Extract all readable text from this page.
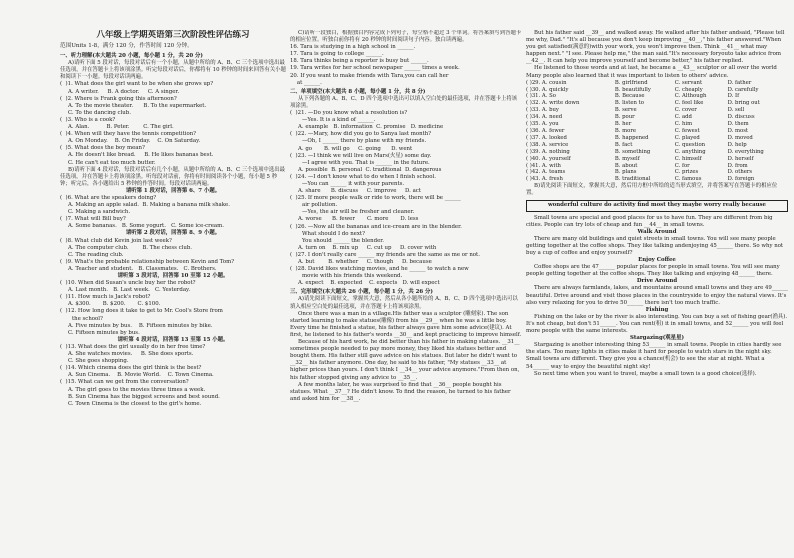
八年级上学期英语第三次阶段性评估练习
范围Units 1-8，满分 120 分，作答时间 120 分钟。
一、听力理解(本大题共 20 小题，每小题 1 分，共 20 分)
A)请听下面 5 段对话，每段对话后有一个小题，从题中所给的 A、B、C 三个选项中选出最佳选项，并在答题卡上将该项涂黑。听完每段对话后，你都将有 10 秒钟的时间来回答有关小题和阅读下一小题。每段对话读两遍。
(  )1. What does the girl want to be when she grows up?
A. A writer.     B. A doctor.     C. A singer.
(  )2. Where is Frank going this afternoon?
A. To the movie theater.      B. To the supermarket.
C. To the dancing club.
(  )3. Who is a cook?
A. Alan.          B. Peter.        C. The girl.
(  )4. When will they have the tennis competition?
A. On Monday.    B. On Friday.    C. On Saturday.
(  )5. What does the boy mean?
A. He doesn't like bread.     B. He likes bananas best.
C. He can't eat too much butter.
B)请听下面 4 段对话，每段对话后有几个小题，从题中所给的 A、B、C 三个选项中选出最佳选项，并在答题卡上将该项涂黑。听每段对话前，你将有时间阅读各个小题，每小题 5 秒钟；听完后，各小题给出 5 秒钟的作答时间。每段对话读两遍。
请听第 1 段对话，回答第 6、7 小题。
(  )6. What are the speakers doing?
A. Making an apple salad.  B. Making a banana milk shake.
C. Making a sandwich.
(  )7. What will Bill buy?
A. Some bananas.   B. Some yogurt.   C. Some ice-cream.
请听第 2 段对话，回答第 8、9 小题。
(  )8. What club did Kevin join last week?
A. The computer club.        B. The chess club.
C. The reading club.
(  )9. What's the probable relationship between Kevin and Tom?
A. Teacher and student.   B. Classmates.   C. Brothers.
请听第 3 段对话，回答第 10 至第 12 小题。
(  )10. When did Susan's uncle buy her the robot?
A. Last month.   B. Last week.   C. Yesterday.
(  )11. How much is Jack's robot?
A. $300.       B. $200.       C. $100.
(  )12. How long does it take to get to Mr. Cool's Store from
the school?
A. Five minutes by bus.    B. Fifteen minutes by bike.
C. Fifteen minutes by bus.
请听第 4 段对话，回答第 13 至第 15 小题。
(  )13. What does the girl usually do in her free time?
A. She watches movies.     B. She does sports.
C. She goes shopping.
(  )14. Which cinema does the girl think is the best?
A. Sun Cinema.    B. Movie World.    C. Town Cinema.
(  )15. What can we get from the conversation?
A. The girl goes to the movies three times a week.
B. Sun Cinema has the biggest screens and best sound.
C. Town Cinema is the closest to the girl's home.
C)请听一段独白，根据独白内容完成下列句子，每空格不超过 3 个单词。将答案填写到答题卡的相应位置。听独白前你将有 20 秒钟的时间阅读句子内容。独白读两遍。
16. Tara is studying in a high school in ______.
17. Tara is going to college ______.
18. Tara thinks being a reporter is busy but ______.
19. Tara writes for her school newspaper ______ times a week.
20. If you want to make friends with Tara,you can call her
at ______.
二、单项填空(本大题共 8 小题，每小题 1 分，共 8 分)
从下列各题的 A、B、C、D 四个选项中选出可以填入空白处的最佳选项，并在答题卡上将该项涂黑。
(  )21. —Do you know what a resolution is?
—Yes. It is a kind of ______.
A. example   B. information  C. promise   D. medicine
(  )22. —Mary, how did you go to Sanya last month?
—Oh, I ______ there by plane with my friends.
A. go       B. will go     C. going      D. went
(  )23. —I think we will live on Mars(火星) some day.
—I agree with you. That is ______ in the future.
A. possible  B. personal  C. traditional  D. dangerous
(  )24. —I don't know what to do when I finish school.
—You can ______ it with your parents.
A. share      B. discuss     C. improve     D. act
(  )25. If more people walk or ride to work, there will be ______
air pollution.
—Yes, the air will be fresher and cleaner.
A. worse      B. fewer       C. more       D. less
(  )26. —Now all the bananas and ice-cream are in the blender.
What should I do next?
You should ______ the blender.
A. turn on    B. mix up     C. cut up     D. cover with
(  )27. I don't really care ______ my friends are the same as me or not.
A. but        B. whether     C. though     D. because
(  )28. David likes watching movies, and he ______ to watch a new
movie with his friends this weekend.
A. expect    B. expected    C. expects   D. will expect
三、完形填空(本大题共 26 小题，每小题 1 分，共 26 分)
A)请先阅读下面短文，掌握其大意，然后从各小题所给的 A、B、C、D 四个选项中选出可以填入相应空白处的最佳选项，并在答题卡上将该项涂黑。
Once there was a man in a village.His father was a sculptor (雕刻家). The son started learning to make statues(雕像) from his __29__ when he was a little boy. Every time he finished a statue, his father always gave him some advice(建议). At first, he listened to his father's words __30__ and kept practicing to improve himself.
Because of his hard work, he did better than his father in making statues. __31__ sometimes people needed to pay more money, they liked his statues better and bought them. His father still gave advice on his statues. But later he didn't want to __32__ his father anymore. One day, he said to his father, "My statues __33__ at higher prices than yours. I don't think I __34__ your advice anymore."From then on, his father stopped giving any advice to __35__.
A few months later, he was surprised to find that __36__ people bought his statues. What __37__? He didn't know. To find the reason, he turned to his father and asked him for __38__.
But his father said __39__ and walked away. He walked after his father andsaid, "Please tell me why, Dad." "It's all because you don't keep improving __40__," his father answered."When you get satisfied(满意的)with your work, you won't improve then. Think __41__ what may happen next." "I see. Please help me," the man said."It's necessary foryouto take advice from __42__. It can help you improve yourself and become better," his father replied.
He listened to those words and at last, he became a __43__ sculptor or all over the world Many people also learned that it was important to listen to others' advice.
( )29. A. cousin	B. girlfriend	C. servant	D. father
( )30. A. quickly	B. beautifully	C. cheaply	D. carefully
( )31. A. So	B. Because	C. Although	D. If
( )32. A. write down	B. listen to	C. feel like	D. bring out
( )33. A. buy	B. serve	C. cover	D. sell
( )34. A. need	B. pour	C. add	D. discuss
( )35. A. you	B. her	C. him	D. them
( )36. A. fewer	B. more	C. fewest	D. most
( )37. A. looked	B. happened	C. played	D. moved
( )38. A. service	B. fact	C. question	D. help
( )39. A. nothing	B. something	C. anything	D. everything
( )40. A. yourself	B. myself	C. himself	D. herself
( )41. A. with	B. about	C. for	D. from
( )42. A. teams	B. plans	C. prizes	D. others
( )43. A. fresh	B. traditional	C. famous	D. foreign
B)请先阅读下面短文，掌握其大意，然后用方框中所给的适当形式填空，并将答案写在答题卡的相应位置。
wonderful culture do activity find most they maybe worry really because
Small towns are special and good places for us to have fun. They are different from big cities. People can try lots of cheap and fun __44__ in small towns.
Walk Around
There are many old buildings and quiet streets in small towns. You will see many people getting together at the coffee shops. They like talking andenjoying 45______ there. So why not buy a cup of coffee and enjoy yourself?
Enjoy Coffee
Coffee shops are the 47______ popular places for people in small towns. You will see many people getting together at the coffee shops. They like talking and enjoying 48______ there.
Drive Around
There are always farmlands, lakes, and mountains around small towns and they are 49______ beautiful. Drive around and visit those places in the countryside to enjoy the natural views. It's also very relaxing for you to drive 50______ there isn't too much traffic.
Fishing
Fishing on the lake or by the river is also interesting. You can buy a set of fishing gear(渔具). It's not cheap, but don't 51______. You can rent(租) it in small towns, and 52______ you will feel more people with the same interests.
Stargazing(观星星)
Stargazing is another interesting thing 53______ in small towns. People in cities hardly see the stars. Too many lights in cities make it hard for people to watch stars in the night sky. Small towns are different. They give you a chance(机会) to see the star at night. What a 54______ way to enjoy the beautiful night sky!
So next time when you want to travel, maybe a small town is a good choice(选择).
